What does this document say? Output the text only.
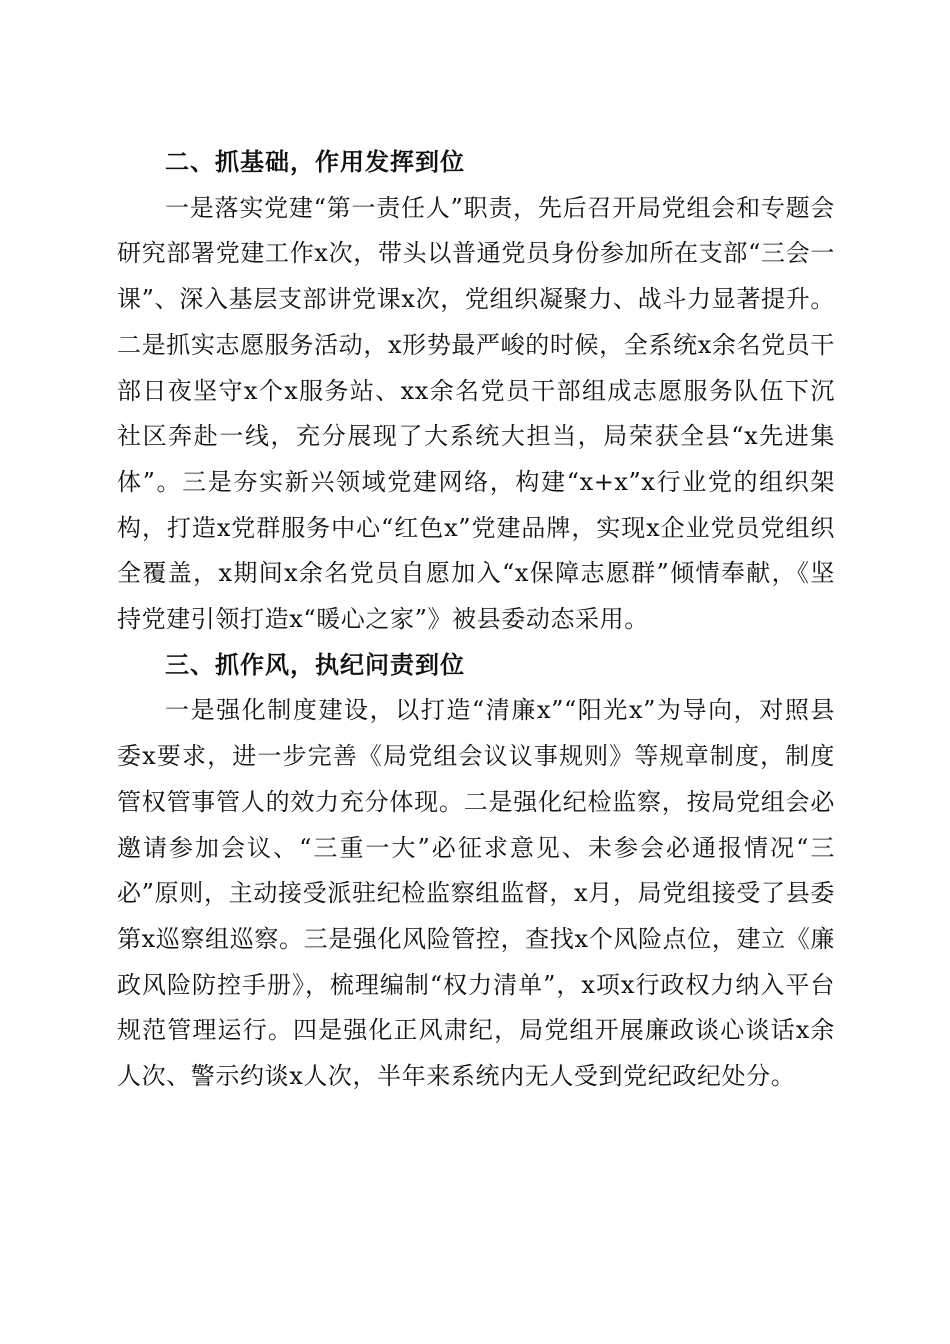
二、抓基础，作用发挥到位

一是落实党建“第一责任人”职责，先后召开局党组会和专题会研究部署党建工作x次，带头以普通党员身份参加所在支部“三会一课”、深入基层支部讲党课x次，党组织凝聚力、战斗力显著提升。二是抓实志愿服务活动，x形势最严峻的时候，全系统x余名党员干部日夜坚守x个x服务站、xx余名党员干部组成志愿服务队伍下沉社区奔赴一线，充分展现了大系统大担当，局荣获全县“x先进集体”。三是夯实新兴领域党建网络，构建“x+x”x行业党的组织架构，打造x党群服务中心“红色x”党建品牌，实现x企业党员党组织全覆盖，x期间x余名党员自愿加入“x保障志愿群”倾情奉献，《坚持党建引领打造x“暖心之家”》被县委动态采用。

三、抓作风，执纪问责到位

一是强化制度建设，以打造“清廉x”“阳光x”为导向，对照县委x要求，进一步完善《局党组会议议事规则》等规章制度，制度管权管事管人的效力充分体现。二是强化纪检监察，按局党组会必邀请参加会议、“三重一大”必征求意见、未参会必通报情况“三必”原则，主动接受派驻纪检监察组监督，x月，局党组接受了县委第x巡察组巡察。三是强化风险管控，查找x个风险点位，建立《廉政风险防控手册》，梳理编制“权力清单”，x项x行政权力纳入平台规范管理运行。四是强化正风肃纪，局党组开展廉政谈心谈话x余人次、警示约谈x人次，半年来系统内无人受到党纪政纪处分。
